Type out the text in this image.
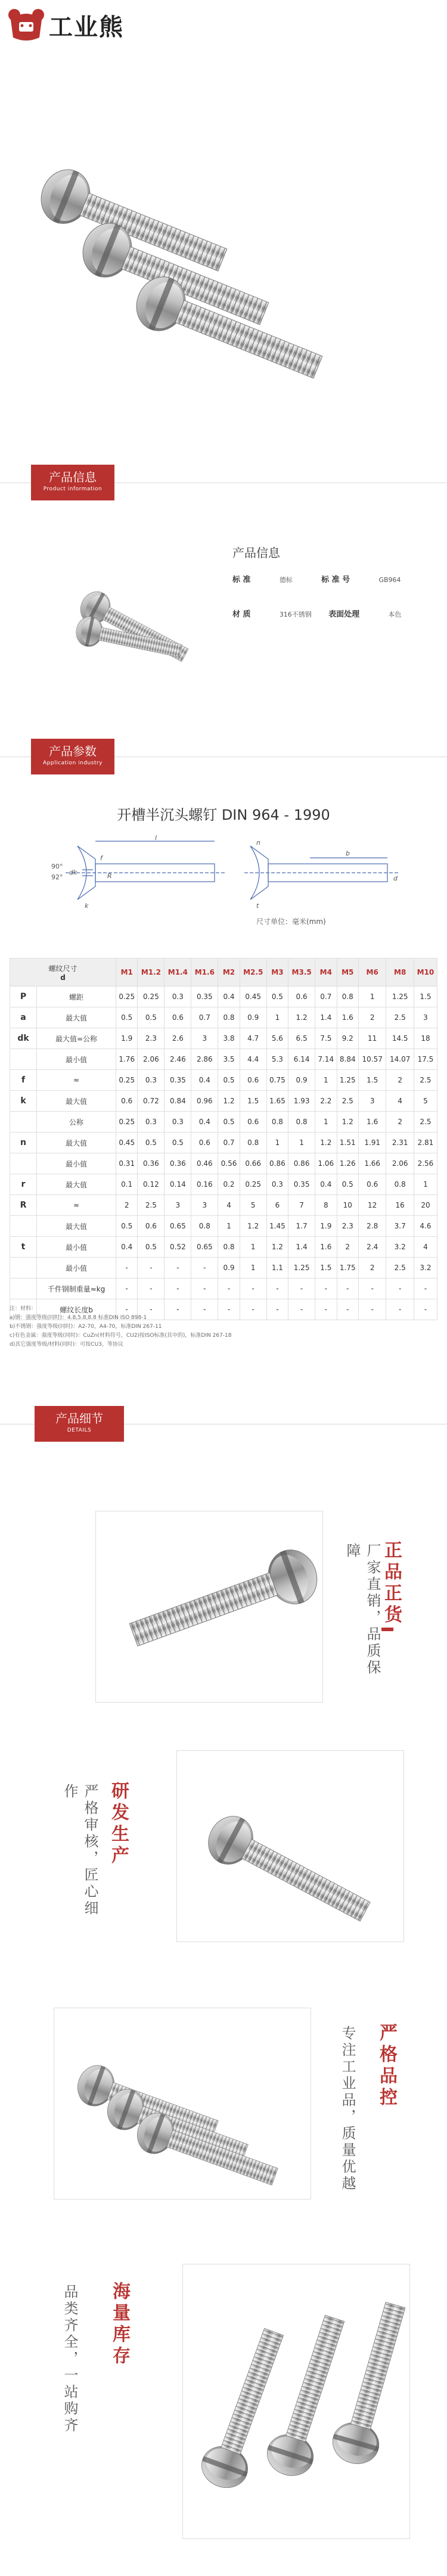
工业熊
产品信息
Product information
产品信息
标 准	德标	标 准 号	GB964
材 质	316不锈钢 表面处理	本色
产品参数
Application industry
开槽半沉头螺钉 DIN 964 - 1990
90°
92°
dk
l
f
k
R
b
n
t
d
尺寸单位：毫米(mm)
螺纹尺寸
d		M1	M1.2	M1.4	M1.6	M2	M2.5	M3	M3.5	M4	M5	M6	M8	M10
P	螺距	0.25	0.25	0.3	0.35	0.4	0.45	0.5	0.6	0.7	0.8	1	1.25	1.5
a	最大值	0.5	0.5	0.6	0.7	0.8	0.9	1	1.2	1.4	1.6	2	2.5	3
dk	最大值=公称	1.9	2.3	2.6	3	3.8	4.7	5.6	6.5	7.5	9.2	11	14.5	18
	最小值	1.76	2.06	2.46	2.86	3.5	4.4	5.3	6.14	7.14	8.84	10.57	14.07	17.5
f	≈	0.25	0.3	0.35	0.4	0.5	0.6	0.75	0.9	1	1.25	1.5	2	2.5
k	最大值	0.6	0.72	0.84	0.96	1.2	1.5	1.65	1.93	2.2	2.5	3	4	5
	公称	0.25	0.3	0.3	0.4	0.5	0.6	0.8	0.8	1	1.2	1.6	2	2.5
n	最大值	0.45	0.5	0.5	0.6	0.7	0.8	1	1	1.2	1.51	1.91	2.31	2.81
	最小值	0.31	0.36	0.36	0.46	0.56	0.66	0.86	0.86	1.06	1.26	1.66	2.06	2.56
r	最大值	0.1	0.12	0.14	0.16	0.2	0.25	0.3	0.35	0.4	0.5	0.6	0.8	1
R	≈	2	2.5	3	3	4	5	6	7	8	10	12	16	20
	最大值	0.5	0.6	0.65	0.8	1	1.2	1.45	1.7	1.9	2.3	2.8	3.7	4.6
t	最小值	0.4	0.5	0.52	0.65	0.8	1	1.2	1.4	1.6	2	2.4	3.2	4
	最小值	-	-	-	-	0.9	1	1.1	1.25	1.5	1.75	2	2.5	3.2
	千件钢制重量≈kg	-	-	-	-	-	-	-	-	-	-	-	-	-
	螺纹长度b	-	-	-	-	-	-	-	-	-	-	-	-	-
注：材料：
a)钢：强度等级(同时)：4.8,5.8,8.8 标准DIN ISO 898-1
b)不锈钢：强度等级(同时)：A2-70，A4-70，标准DIN 267-11
c)有色金属：强度等级(同时)：CuZn(材料符号，CU2)按ISO标准(其中的)，标准DIN 267-18
d)其它强度等级/材料(同时)：可按CU3，等协议
产品细节
DETAILS
正品正货
厂家直销，品质保障
研发生产
严格审核，匠心细作
严格品控
专注工业品，质量优越
海量库存
品类齐全，一站购齐
